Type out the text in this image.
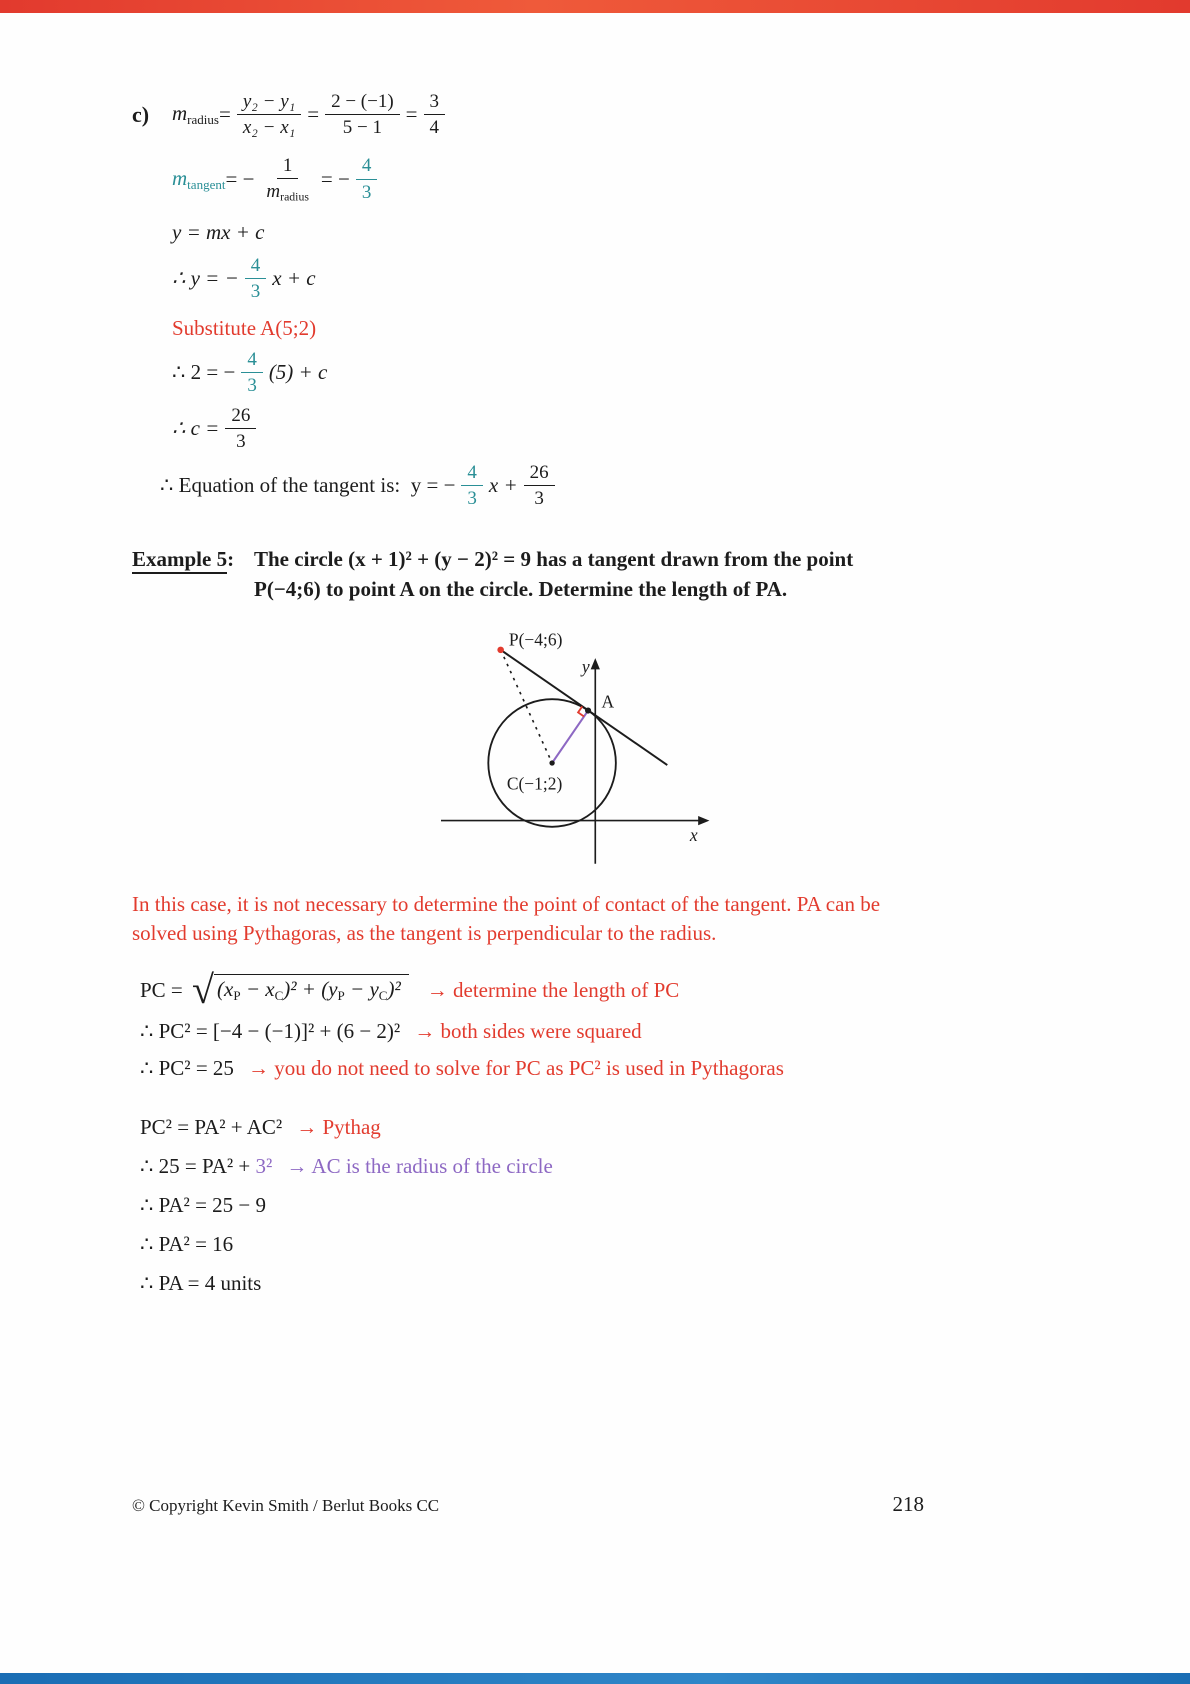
c)	mradius = $\frac{\text{y₂ − y₁}}{\text{x₂ − x₁}} = \frac{2 - (-1)}{5 - 1} = \frac{3}{4}$
mtangent = − $\frac{1}{\text{mradius}}$ = − $\frac{4}{3}$
y = mx + c
∴ y = − $\frac{4}{3}$ x + c
Substitute A(5;2)
∴ 2 = − $\frac{4}{3} (5) + c$
∴ $c = \frac{26}{3}$
∴ Equation of the tangent is:  y = − $\frac{4}{3}$ $x + \frac{26}{3}$
Example 5: The circle (x + 1)² + (y − 2)² = 9 has a tangent drawn from the point
P(−4;6) to point A on the circle. Determine the length of PA.
P(−4;6)
A
C(−1;2)
y
x
In this case, it is not necessary to determine the point of contact of the tangent. PA can be
solved using Pythagoras, as the tangent is perpendicular to the radius.
PC = √ (xP − xC)² + (yP − yC)²	→ determine the length of PC
∴ PC² = [−4 − (−1)]² + (6 − 2)² → both sides were squared
∴ PC² = 25 → you do not need to solve for PC as PC² is used in Pythagoras
PC² = PA² + AC² → Pythag
∴ 25 = PA² + 3² → AC is the radius of the circle
∴ PA² = 25 − 9
∴ PA² = 16
∴ PA = 4 units
© Copyright Kevin Smith / Berlut Books CC	218
